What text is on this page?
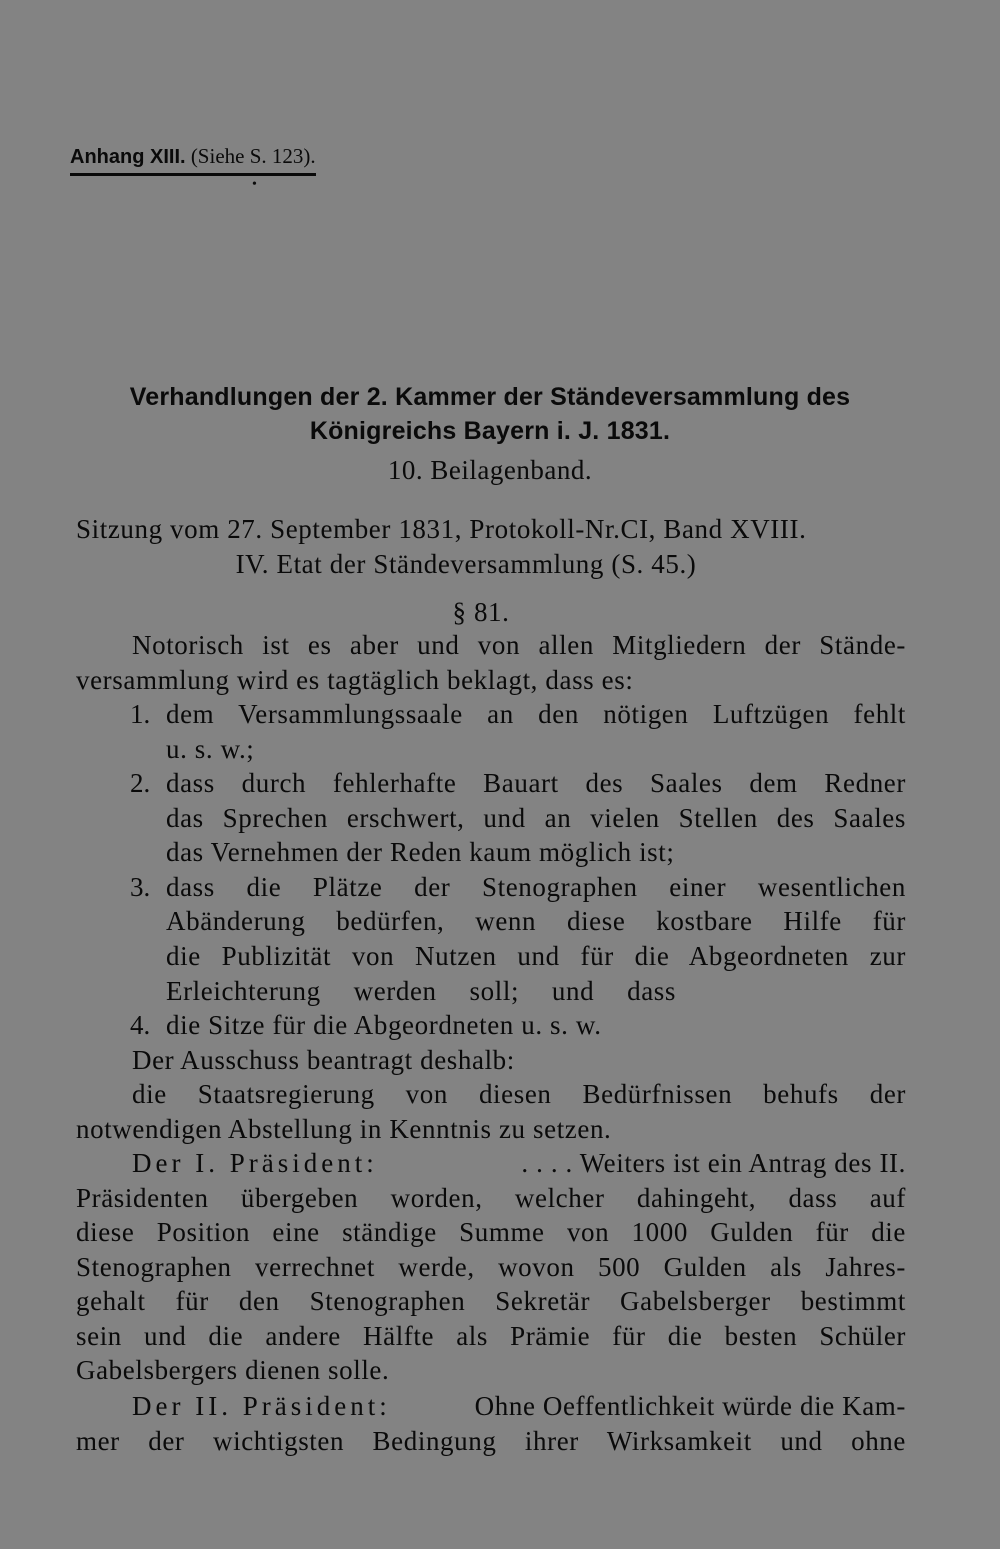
Anhang XIII. (Siehe S. 123).
•
Verhandlungen der 2. Kammer der Ständeversammlung des
Königreichs Bayern i. J. 1831.
10. Beilagenband.
Sitzung vom 27. September 1831, Protokoll-Nr.CI, Band XVIII.
IV. Etat der Ständeversammlung (S. 45.)
§ 81.
Notorisch ist es aber und von allen Mitgliedern der Stände-
versammlung wird es tagtäglich beklagt, dass es:
1. dem Versammlungssaale an den nötigen Luftzügen fehlt
u. s. w.;
2. dass durch fehlerhafte Bauart des Saales dem Redner
das Sprechen erschwert, und an vielen Stellen des Saales
das Vernehmen der Reden kaum möglich ist;
3. dass die Plätze der Stenographen einer wesentlichen
Abänderung bedürfen, wenn diese kostbare Hilfe für
die Publizität von Nutzen und für die Abgeordneten zur
Erleichterung werden soll; und dass
4. die Sitze für die Abgeordneten u. s. w.
Der Ausschuss beantragt deshalb:
die Staatsregierung von diesen Bedürfnissen behufs der
notwendigen Abstellung in Kenntnis zu setzen.
Der I. Präsident:	. . . . Weiters ist ein Antrag des II.
Präsidenten übergeben worden, welcher dahingeht, dass auf
diese Position eine ständige Summe von 1000 Gulden für die
Stenographen verrechnet werde, wovon 500 Gulden als Jahres-
gehalt für den Stenographen Sekretär Gabelsberger bestimmt
sein und die andere Hälfte als Prämie für die besten Schüler
Gabelsbergers dienen solle.
Der II. Präsident:	Ohne Oeffentlichkeit würde die Kam-
mer der wichtigsten Bedingung ihrer Wirksamkeit und ohne
